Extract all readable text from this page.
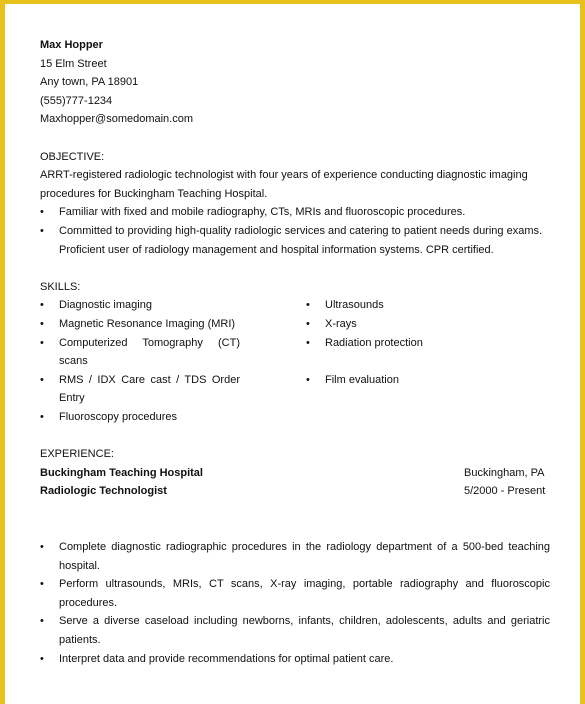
Max Hopper
15 Elm Street
Any town, PA 18901
(555)777-1234
Maxhopper@somedomain.com
OBJECTIVE:
ARRT-registered radiologic technologist with four years of experience conducting diagnostic imaging procedures for Buckingham Teaching Hospital.
• Familiar with fixed and mobile radiography, CTs, MRIs and fluoroscopic procedures.
• Committed to providing high-quality radiologic services and catering to patient needs during exams. Proficient user of radiology management and hospital information systems. CPR certified.
SKILLS:
• Diagnostic imaging
• Magnetic Resonance Imaging (MRI)
• Computerized Tomography (CT) scans
• RMS / IDX Care cast / TDS Order Entry
• Fluoroscopy procedures
• Ultrasounds
• X-rays
• Radiation protection
• Film evaluation
EXPERIENCE:
Buckingham Teaching Hospital	Buckingham, PA
Radiologic Technologist	5/2000 - Present
• Complete diagnostic radiographic procedures in the radiology department of a 500-bed teaching hospital.
• Perform ultrasounds, MRIs, CT scans, X-ray imaging, portable radiography and fluoroscopic procedures.
• Serve a diverse caseload including newborns, infants, children, adolescents, adults and geriatric patients.
• Interpret data and provide recommendations for optimal patient care.
